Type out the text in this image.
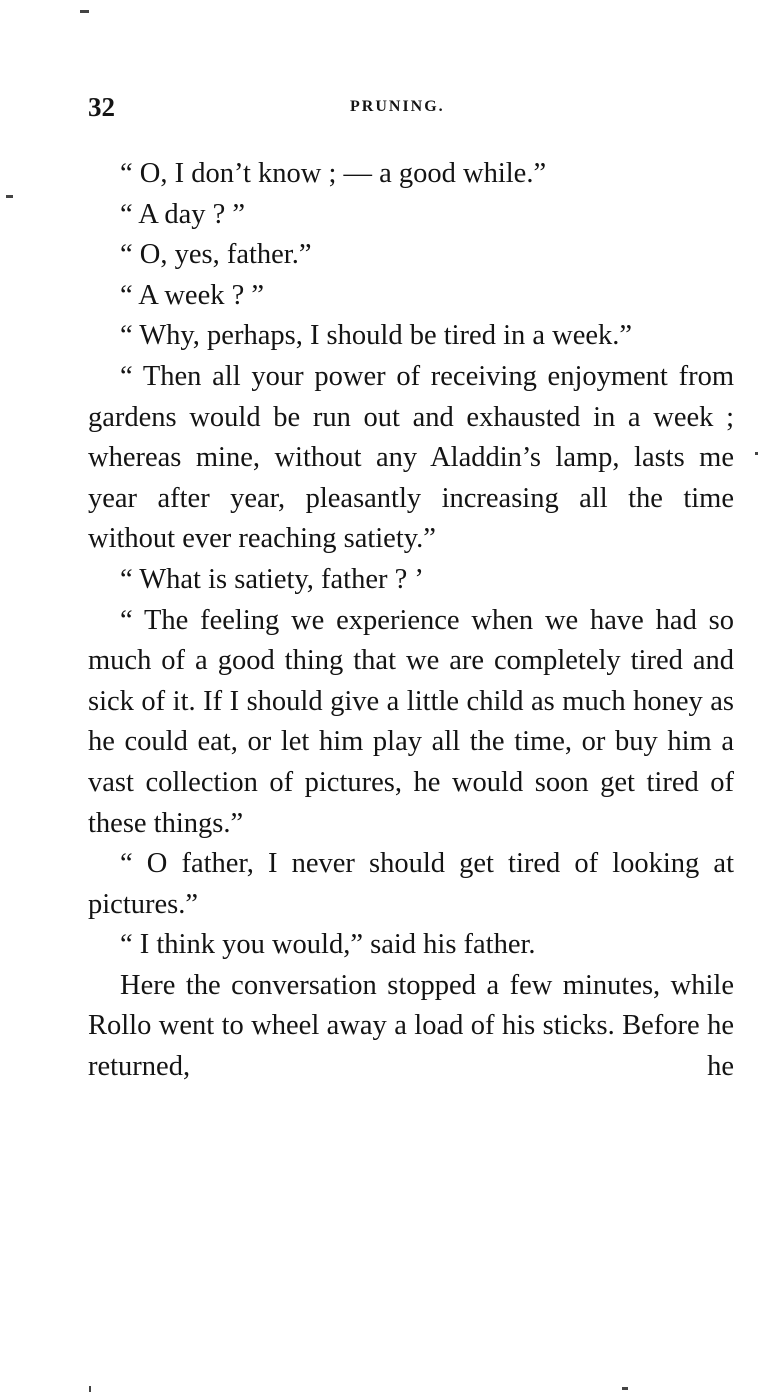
32	PRUNING.

“ O, I don’t know ; — a good while.”

“ A day ? ”

“ O, yes, father.”

“ A week ? ”

“ Why, perhaps, I should be tired in a week.”

“ Then all your power of receiving enjoyment from gardens would be run out and exhausted in a week ; whereas mine, without any Aladdin’s lamp, lasts me year after year, pleasantly increasing all the time without ever reaching satiety.”

“ What is satiety, father ? ’

“ The feeling we experience when we have had so much of a good thing that we are completely tired and sick of it. If I should give a little child as much honey as he could eat, or let him play all the time, or buy him a vast collection of pictures, he would soon get tired of these things.”

“ O father, I never should get tired of looking at pictures.”

“ I think you would,” said his father.

Here the conversation stopped a few minutes, while Rollo went to wheel away a load of his sticks. Before he returned, he
